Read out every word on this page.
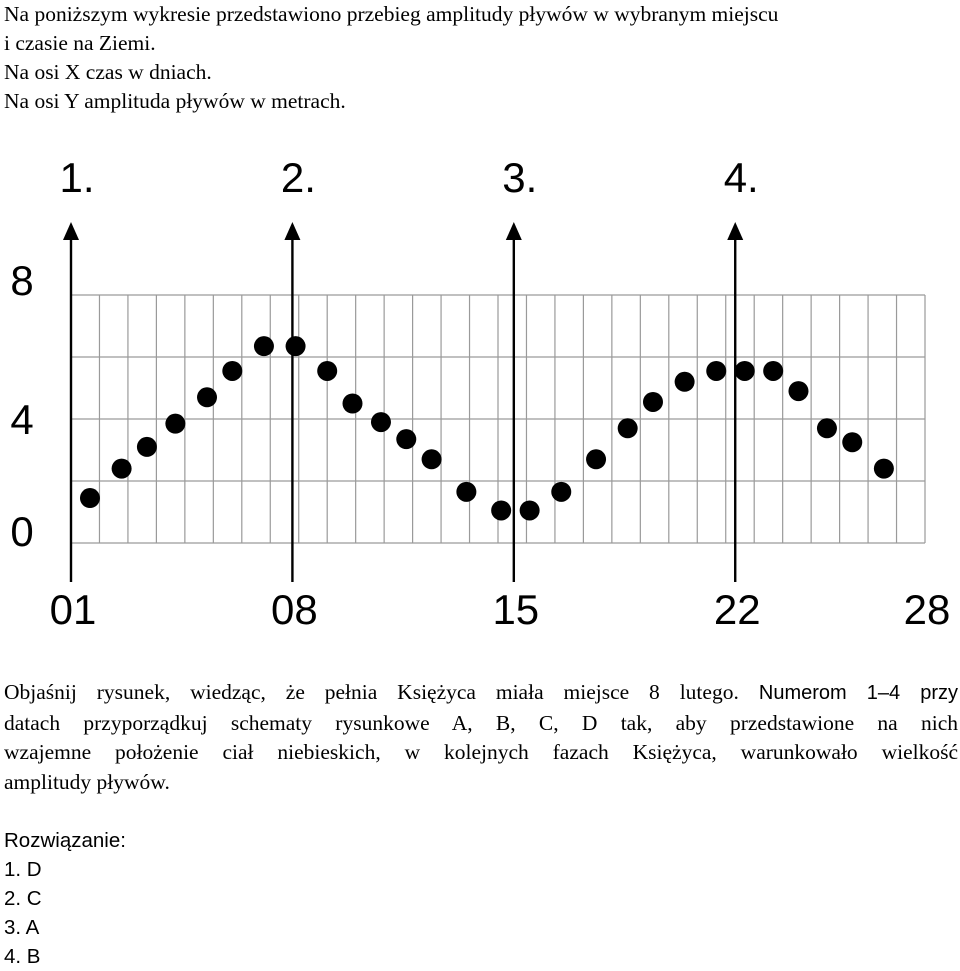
Na poniższym wykresie przedstawiono przebieg amplitudy pływów w wybranym miejscu
i czasie na Ziemi.
Na osi X czas w dniach.
Na osi Y amplituda pływów w metrach.
1.	2.	3.	4.
0
4
8
01	08	15	22	28
Objaśnij rysunek, wiedząc, że pełnia Księżyca miała miejsce 8 lutego. Numerom 1–4 przy
datach przyporządkuj schematy rysunkowe A, B, C, D tak, aby przedstawione na nich
wzajemne położenie ciał niebieskich, w kolejnych fazach Księżyca, warunkowało wielkość
amplitudy pływów.
Rozwiązanie:
1. D
2. C
3. A
4. B
